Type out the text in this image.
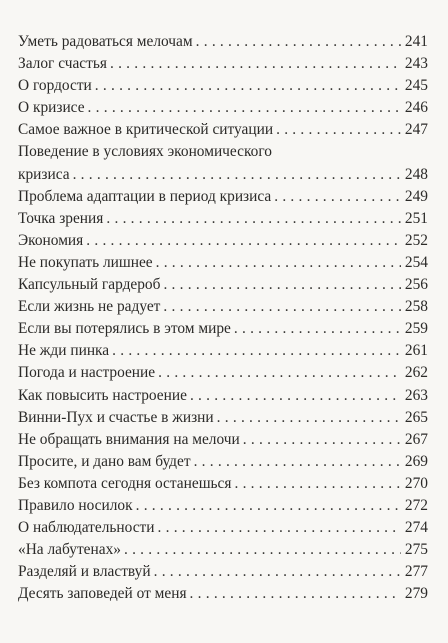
Уметь радоваться мелочам . . .	241
Залог счастья . . .	243
О гордости . . .	245
О кризисе . . .	246
Самое важное в критической ситуации . . .	247
Поведение в условиях экономического
кризиса . . .	248
Проблема адаптации в период кризиса . . .	249
Точка зрения . . .	251
Экономия . . .	252
Не покупать лишнее . . .	254
Капсульный гардероб . . .	256
Если жизнь не радует . . .	258
Если вы потерялись в этом мире . . .	259
Не жди пинка . . .	261
Погода и настроение . . .	262
Как повысить настроение . . .	263
Винни-Пух и счастье в жизни . . .	265
Не обращать внимания на мелочи . . .	267
Просите, и дано вам будет . . .	269
Без компота сегодня останешься . . .	270
Правило носилок . . .	272
О наблюдательности . . .	274
«На лабутенах» . . .	275
Разделяй и властвуй . . .	277
Десять заповедей от меня . . .	279
